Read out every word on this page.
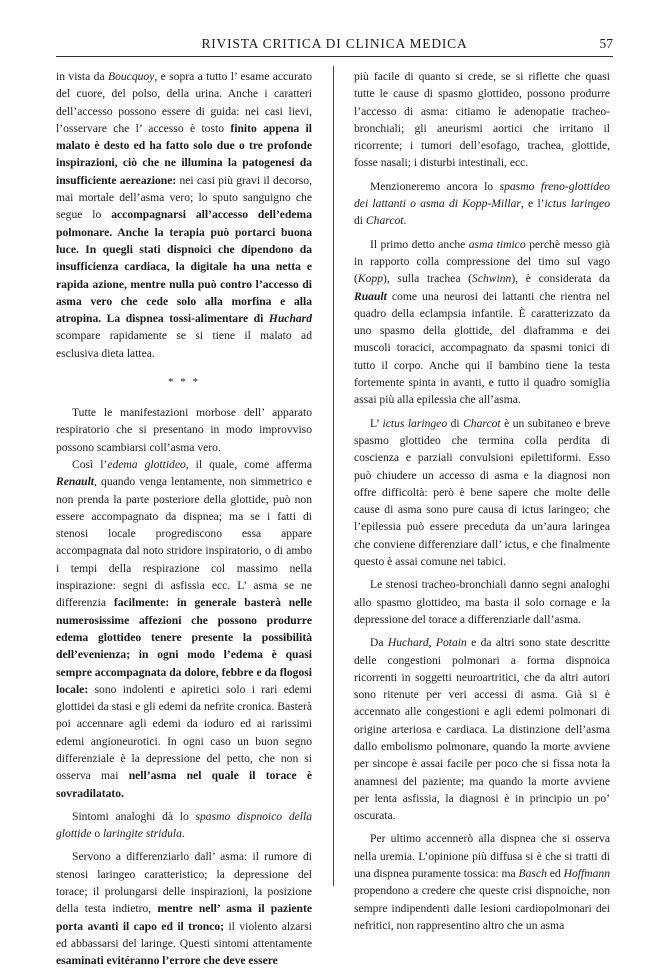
RIVISTA CRITICA DI CLINICA MEDICA	57

in vista da Boucquoy, e sopra a tutto l’ esame accurato del cuore, del polso, della urina. Anche i caratteri dell’accesso possono essere di guida: nei casi lievi, l’osservare che l’ accesso è tosto finito appena il malato è desto ed ha fatto solo due o tre profonde inspirazioni, ciò che ne illumina la patogenesi da insufficiente aereazione: nei casi più gravi il decorso, mai mortale dell’asma vero; lo sputo sanguigno che segue lo accompagnarsi all’accesso dell’edema polmonare. Anche la terapia può portarci buona luce. In quegli stati dispnoici che dipendono da insufficienza cardiaca, la digitale ha una netta e rapida azione, mentre nulla può contro l’accesso di asma vero che cede solo alla morfina e alla atropina. La dispnea tossi-alimentare di Huchard scompare rapidamente se si tiene il malato ad esclusiva dieta lattea.

* * *

Tutte le manifestazioni morbose dell’ apparato respiratorio che si presentano in modo improvviso possono scambiarsi coll’asma vero.

Così l’edema glottideo, il quale, come afferma Renault, quando venga lentamente, non simmetrico e non prenda la parte posteriore della glottide, può non essere accompagnato da dispnea; ma se i fatti di stenosi locale progrediscono essa appare accompagnata dal noto stridore inspiratorio, o di ambo i tempi della respirazione col massimo nella inspirazione: segni di asfissia ecc. L’ asma se ne differenzia facilmente: in generale basterà nelle numerosissime affezioni che possono produrre edema glottideo tenere presente la possibilità dell’evenienza; in ogni modo l’edema è quasi sempre accompagnata da dolore, febbre e da flogosi locale: sono indolenti e apiretici solo i rari edemi glottidei da stasi e gli edemi da nefrite cronica. Basterà poi accennare agli edemi da ioduro ed ai rarissimi edemi angioneurotici. In ogni caso un buon segno differenziale è la depressione del petto, che non si osserva mai nell’asma nel quale il torace è sovradilatato.

Sintomi analoghi dà lo spasmo dispnoico della glottide o laringite stridula.

Servono a differenziarlo dall’ asma: il rumore di stenosi laringeo caratteristico; la depressione del torace; il prolungarsi delle inspirazioni, la posizione della testa indietro, mentre nell’ asma il paziente porta avanti il capo ed il tronco; il violento alzarsi ed abbassarsi del laringe. Questi sintomi attentamente esaminati evitéranno l’errore che deve essere

più facile di quanto si crede, se si riflette che quasi tutte le cause di spasmo glottideo, possono produrre l’accesso di asma: citiamo le adenopatie tracheo-bronchiali; gli aneurismi aortici che irritano il ricorrente; i tumori dell’esofago, trachea, glottide, fosse nasali; i disturbi intestinali, ecc.

Menzioneremo ancora lo spasmo freno-glottideo dei lattanti o asma di Kopp-Millar, e l’ictus laringeo di Charcot.

Il primo detto anche asma timico perchè messo già in rapporto colla compressione del timo sul vago (Kopp), sulla trachea (Schwinn), è considerata da Ruault come una neurosi dei lattanti che rientra nel quadro della eclampsia infantile. È caratterizzato da uno spasmo della glottide, del diaframma e dei muscoli toracici, accompagnato da spasmi tonici di tutto il corpo. Anche qui il bambino tiene la testa fortemente spinta in avanti, e tutto il quadro somiglia assai più alla epilessia che all’asma.

L’ ictus laringeo di Charcot è un subitaneo e breve spasmo glottideo che termina colla perdita di coscienza e parziali convulsioni epilettiformi. Esso può chiudere un accesso di asma e la diagnosi non offre difficoltà: però è bene sapere che molte delle cause di asma sono pure causa di ictus laringeo; che l’epilessia può essere preceduta da un’aura laringea che conviene differenziare dall’ ictus, e che finalmente questo è assai comune nei tabici.

Le stenosi tracheo-bronchiali danno segni analoghi allo spasmo glottideo, ma basta il solo cornage e la depressione del torace a differenziarle dall’asma.

Da Huchard, Potain e da altri sono state descritte delle congestioni polmonari a forma dispnoica ricorrenti in soggetti neuroartritici, che da altri autori sono ritenute per veri accessi di asma. Già si è accennato alle congestioni e agli edemi polmonari di origine arteriosa e cardiaca. La distinzione dell’asma dallo embolismo polmonare, quando la morte avviene per sincope è assai facile per poco che si fissa nota la anamnesi del paziente; ma quando la morte avviene per lenta asfissia, la diagnosi è in principio un po’ oscurata.

Per ultimo accennerò alla dispnea che si osserva nella uremia. L’opinione più diffusa si è che si tratti di una dispnea puramente tossica: ma Basch ed Hoffmann propendono a credere che queste crisi dispnoiche, non sempre indipendenti dalle lesioni cardiopolmonari dei nefritici, non rappresentino altro che un asma
